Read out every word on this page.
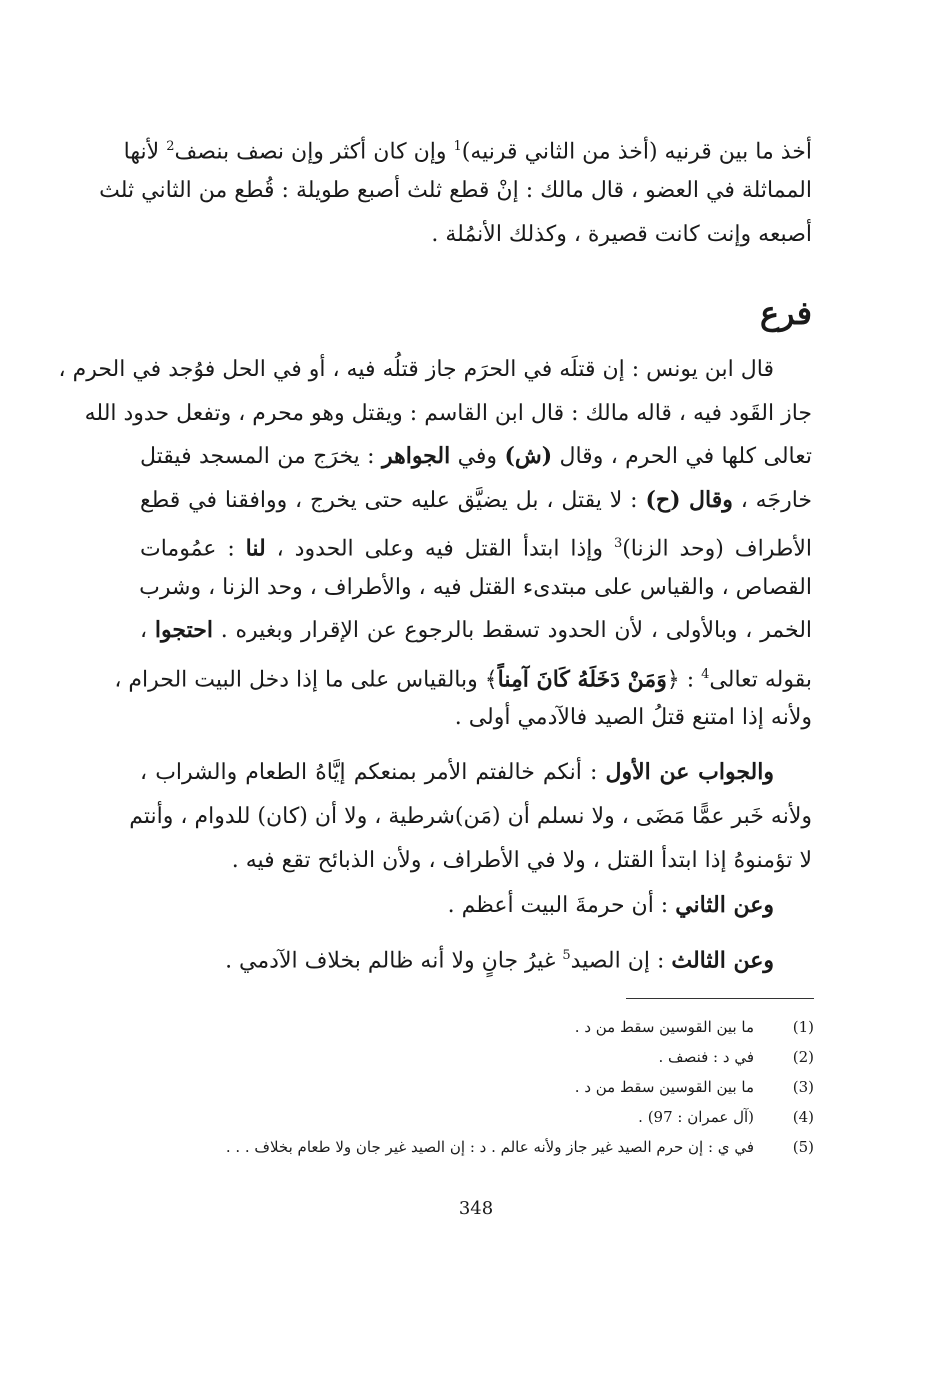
أخذ ما بين قرنيه (أخذ من الثاني قرنيه)$^1$ وإن كان أكثر وإن نصف بنصف$^2$ لأنها
المماثلة في العضو ، قال مالك : إنْ قطع ثلث أصبع طويلة : قُطع من الثاني ثلث
أصبعه وإنت كانت قصيرة ، وكذلك الأنمُلة .
فرع
قال ابن يونس : إن قتلَه في الحرَم جاز قتلُه فيه ، أو في الحل فوُجد في الحرم ،
جاز القَود فيه ، قاله مالك : قال ابن القاسم : ويقتل وهو محرم ، وتفعل حدود الله
تعالى كلها في الحرم ، وقال (ش) وفي الجواهر : يخرَج من المسجد فيقتل
خارجَه ، وقال (ح) : لا يقتل ، بل يضيَّق عليه حتى يخرج ، ووافقنا في قطع
الأطراف (وحد الزنا)$^3$ وإذا ابتدأ القتل فيه وعلى الحدود ، لنا : عمُومات
القصاص ، والقياس على مبتدىء القتل فيه ، والأطراف ، وحد الزنا ، وشرب
الخمر ، وبالأولى ، لأن الحدود تسقط بالرجوع عن الإقرار وبغيره . احتجوا ،
بقوله تعالى$^4$ : ﴿وَمَنْ دَخَلَهُ كَانَ آمِناً﴾ وبالقياس على ما إذا دخل البيت الحرام ،
ولأنه إذا امتنع قتلُ الصيد فالآدمي أولى .
والجواب عن الأول : أنكم خالفتم الأمر بمنعكم إيَّاهُ الطعام والشراب ،
ولأنه خَبر عمًّا مَضَى ، ولا نسلم أن (مَن)شرطية ، ولا أن (كان) للدوام ، وأنتم
لا تؤمنوهُ إذا ابتدأ القتل ، ولا في الأطراف ، ولأن الذبائح تقع فيه .
وعن الثاني : أن حرمةَ البيت أعظم .
وعن الثالث : إن الصيد$^5$ غيرُ جانٍ ولا أنه ظالم بخلاف الآدمي .
(1)
ما بين القوسين سقط من د .
(2)
في د : فنصف .
(3)
ما بين القوسين سقط من د .
(4)
(آل عمران : 97) .
(5)
في ي : إن حرم الصيد غير جاز ولأنه عالم . د : إن الصيد غير جان ولا طعام بخلاف . . .
348
